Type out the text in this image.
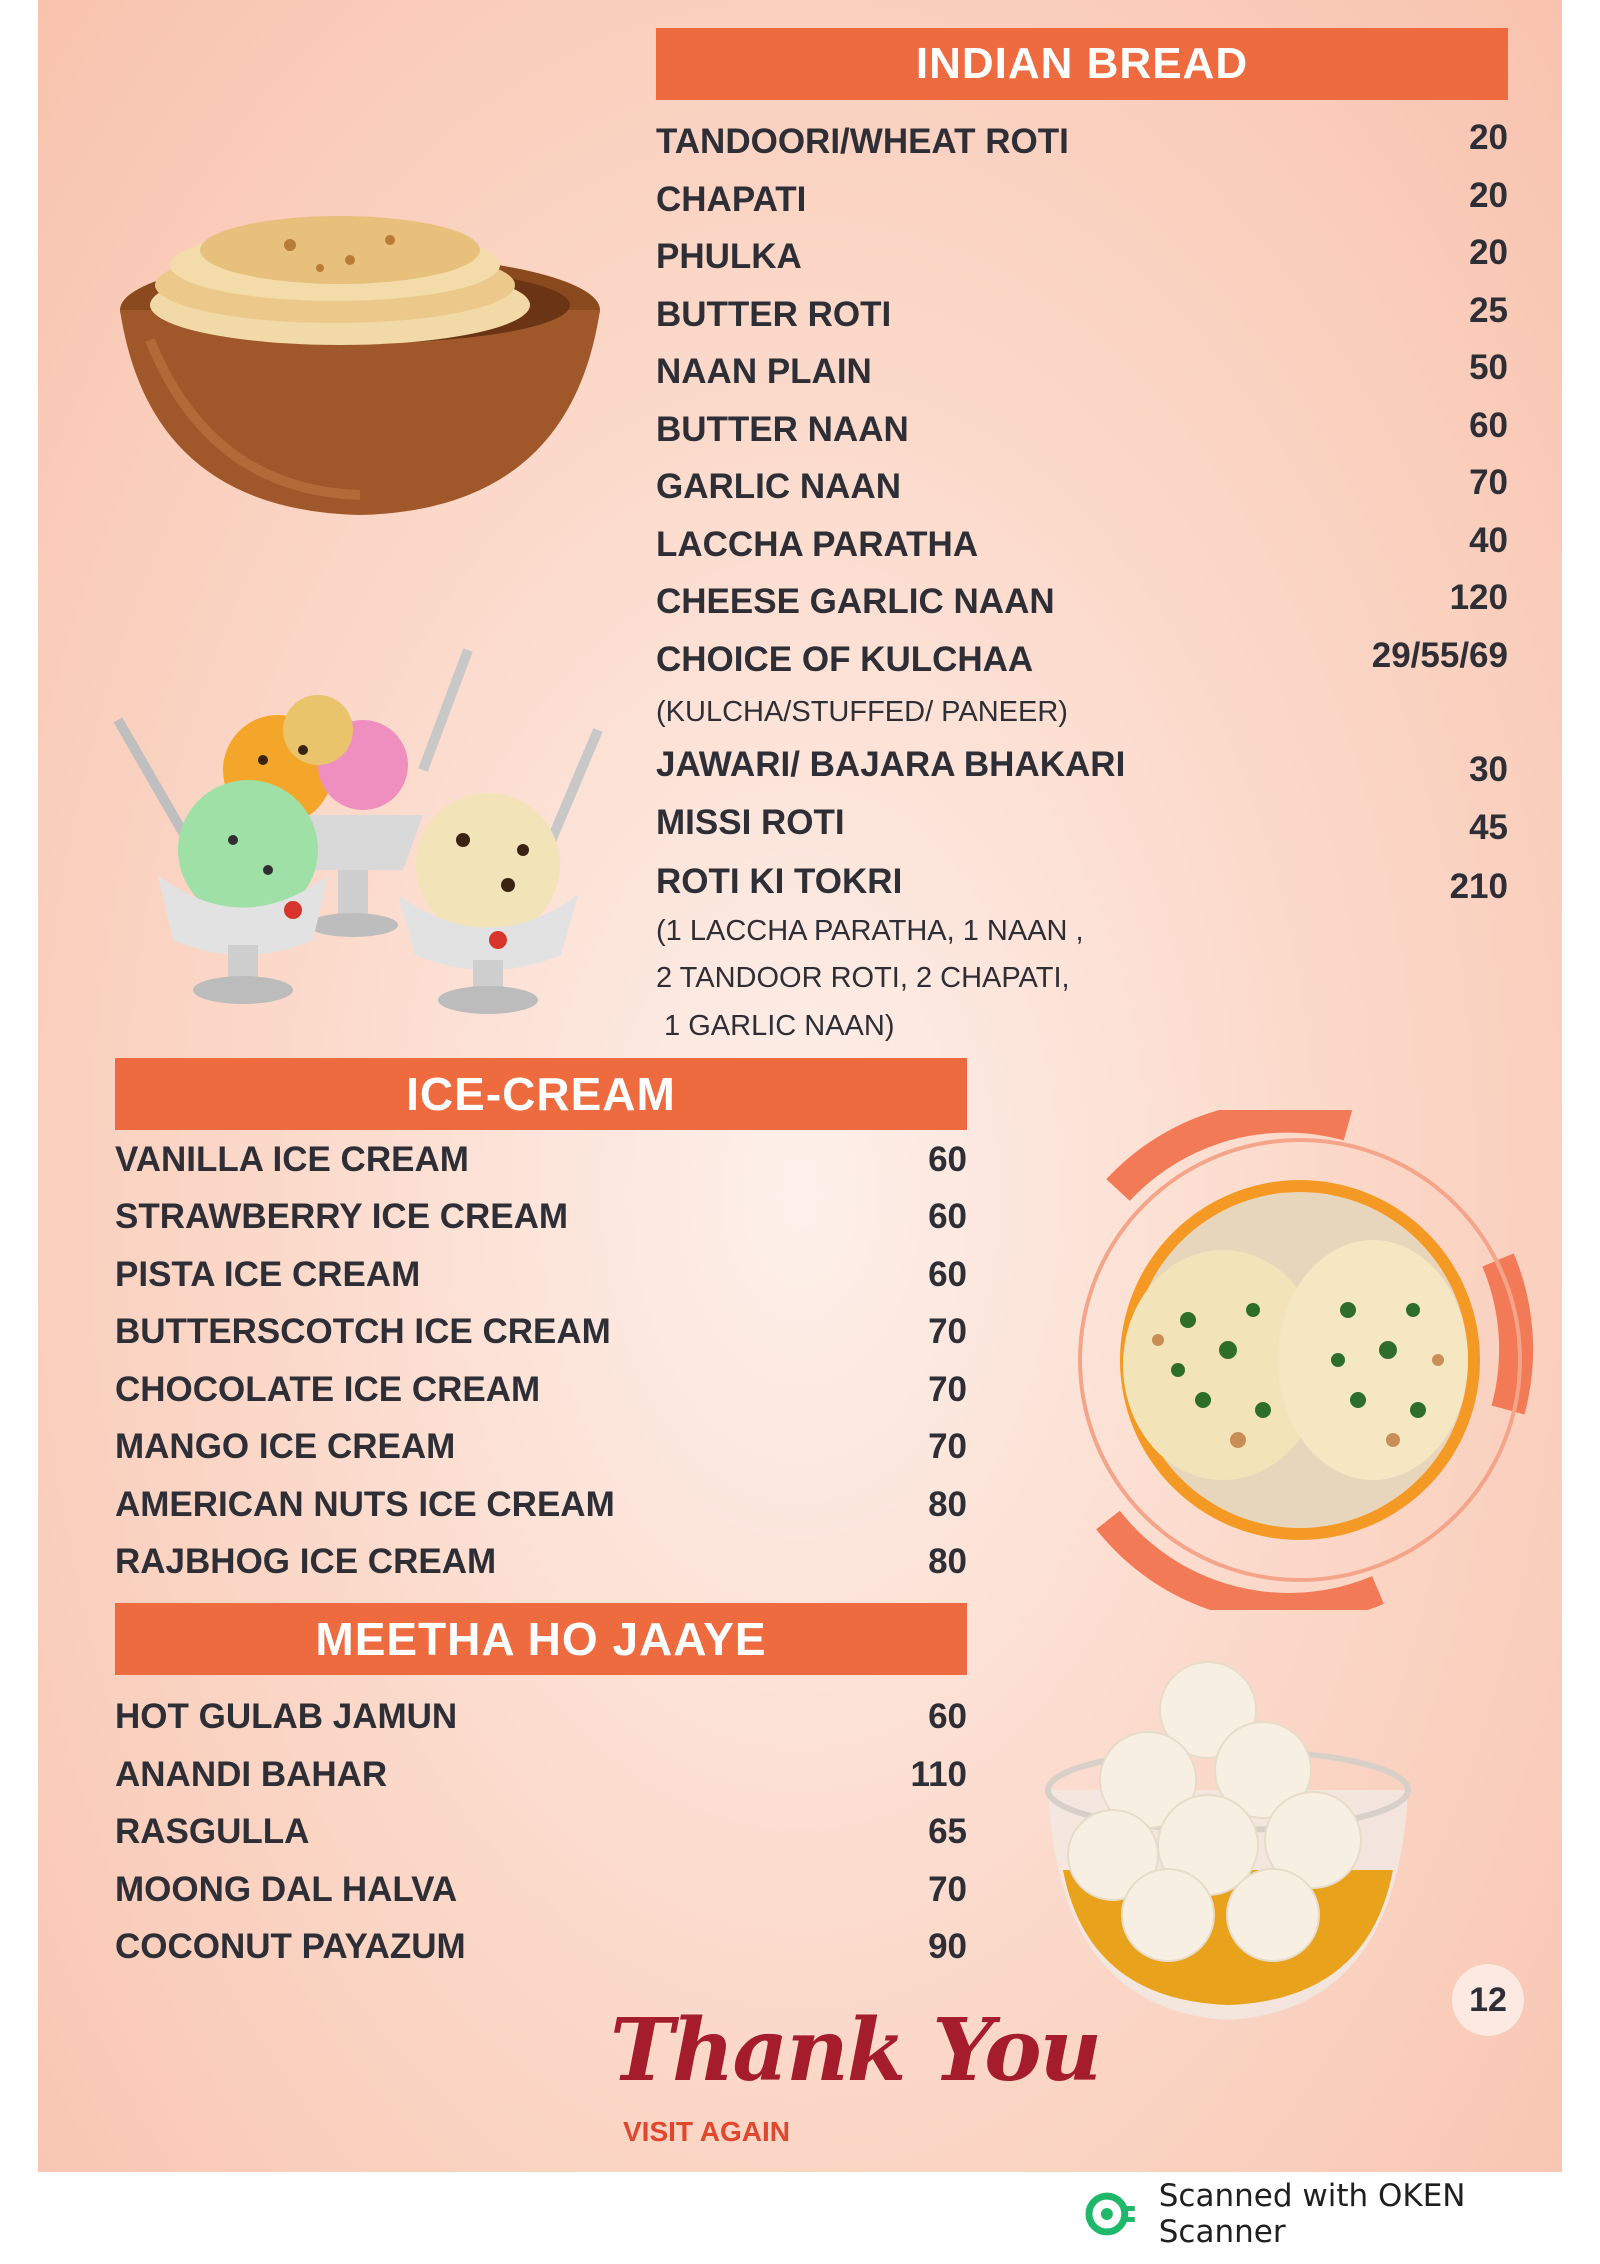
INDIAN BREAD
TANDOORI/WHEAT ROTI	20
CHAPATI	20
PHULKA	20
BUTTER ROTI	25
NAAN PLAIN	50
BUTTER NAAN	60
GARLIC NAAN	70
LACCHA PARATHA	40
CHEESE GARLIC NAAN	120
CHOICE OF KULCHAA	29/55/69
(KULCHA/STUFFED/ PANEER)
JAWARI/ BAJARA BHAKARI	30
MISSI ROTI	45
ROTI KI TOKRI	210
(1 LACCHA PARATHA, 1 NAAN ,
2 TANDOOR ROTI, 2 CHAPATI,
1 GARLIC NAAN)
ICE-CREAM
VANILLA ICE CREAM	60
STRAWBERRY ICE CREAM	60
PISTA ICE CREAM	60
BUTTERSCOTCH ICE CREAM	70
CHOCOLATE ICE CREAM	70
MANGO ICE CREAM	70
AMERICAN NUTS ICE CREAM	80
RAJBHOG ICE CREAM	80
MEETHA HO JAAYE
HOT GULAB JAMUN	60
ANANDI BAHAR	110
RASGULLA	65
MOONG DAL HALVA	70
COCONUT PAYAZUM	90
12
Thank You
VISIT AGAIN
Scanned with OKEN Scanner
